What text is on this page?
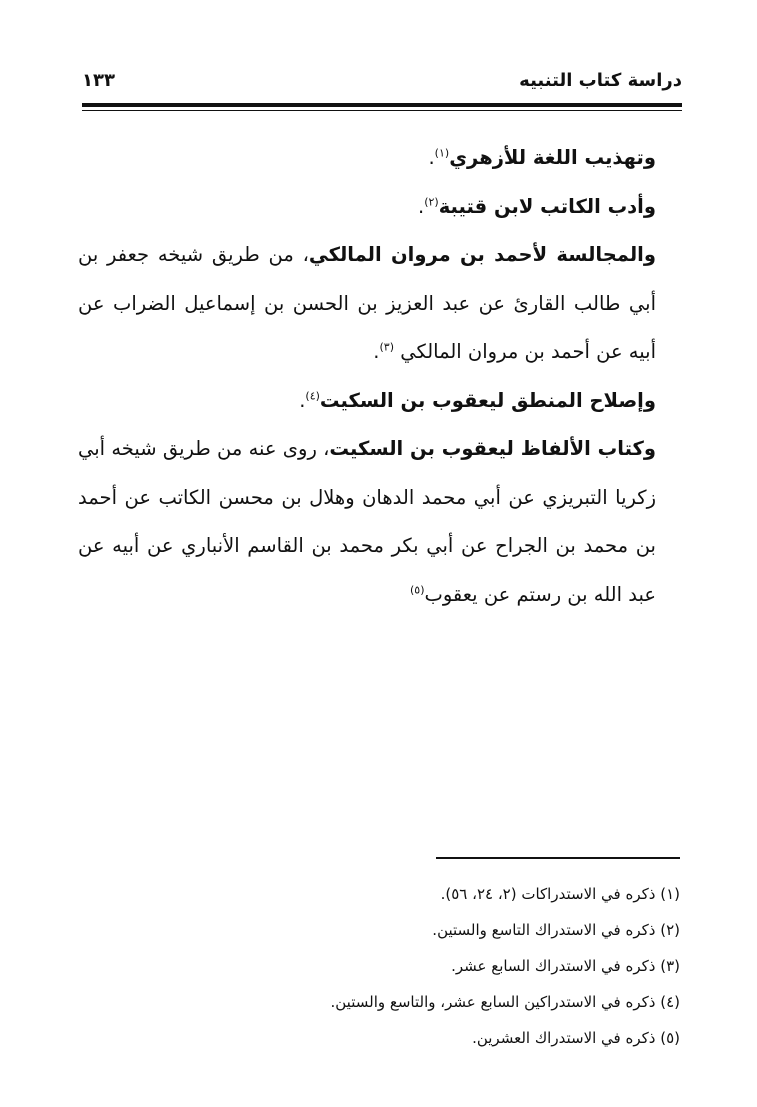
دراسة كتاب التنبيه
١٣٣

وتهذيب اللغة للأزهري$^{(١)}$.

وأدب الكاتب لابن قتيبة$^{(٢)}$.

والمجالسة لأحمد بن مروان المالكي، من طريق شيخه جعفر بن أبي طالب القارئ عن عبد العزيز بن الحسن بن إسماعيل الضراب عن أبيه عن أحمد بن مروان المالكي $^{(٣)}$.

وإصلاح المنطق ليعقوب بن السكيت$^{(٤)}$.

وكتاب الألفاظ ليعقوب بن السكيت، روى عنه من طريق شيخه أبي زكريا التبريزي عن أبي محمد الدهان وهلال بن محسن الكاتب عن أحمد بن محمد بن الجراح عن أبي بكر محمد بن القاسم الأنباري عن أبيه عن عبد الله بن رستم عن يعقوب$^{(٥)}$

(١) ذكره في الاستدراكات (٢، ٢٤، ٥٦).

(٢) ذكره في الاستدراك التاسع والستين.

(٣) ذكره في الاستدراك السابع عشر.

(٤) ذكره في الاستدراكين السابع عشر، والتاسع والستين.

(٥) ذكره في الاستدراك العشرين.
